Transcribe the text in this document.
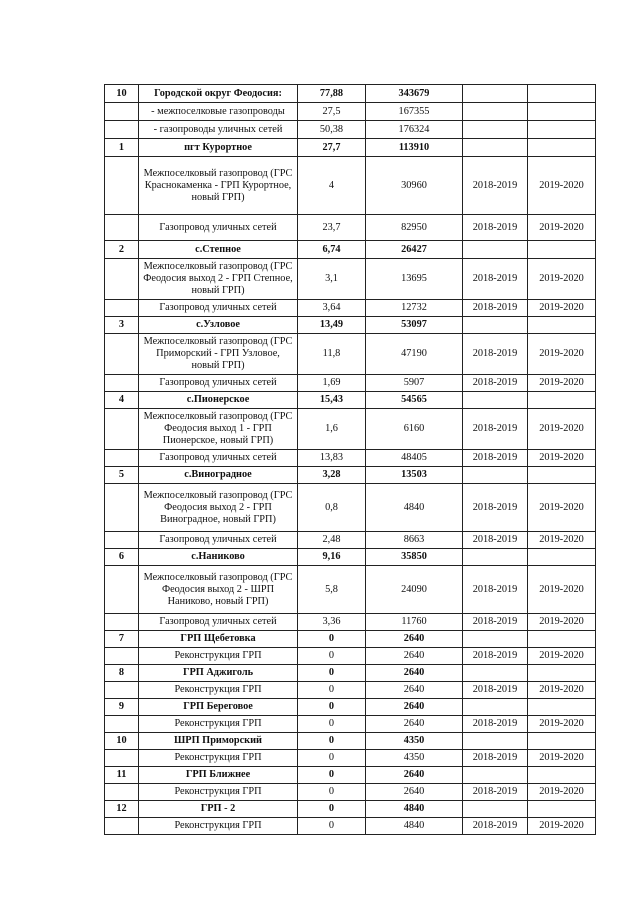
10	Городской округ Феодосия:	77,88	343679		
	- межпоселковые газопроводы	27,5	167355		
	- газопроводы уличных сетей	50,38	176324		
1	пгт Курортное	27,7	113910		
	Межпоселковый газопровод (ГРС Краснокаменка - ГРП Курортное, новый ГРП)	4	30960	2018-2019	2019-2020
	Газопровод уличных сетей	23,7	82950	2018-2019	2019-2020
2	с.Степное	6,74	26427		
	Межпоселковый газопровод (ГРС Феодосия выход 2 - ГРП Степное, новый ГРП)	3,1	13695	2018-2019	2019-2020
	Газопровод уличных сетей	3,64	12732	2018-2019	2019-2020
3	с.Узловое	13,49	53097		
	Межпоселковый газопровод (ГРС Приморский - ГРП Узловое, новый ГРП)	11,8	47190	2018-2019	2019-2020
	Газопровод уличных сетей	1,69	5907	2018-2019	2019-2020
4	с.Пионерское	15,43	54565		
	Межпоселковый газопровод (ГРС Феодосия выход 1 - ГРП Пионерское, новый ГРП)	1,6	6160	2018-2019	2019-2020
	Газопровод уличных сетей	13,83	48405	2018-2019	2019-2020
5	с.Виноградное	3,28	13503		
	Межпоселковый газопровод (ГРС Феодосия выход 2 - ГРП Виноградное, новый ГРП)	0,8	4840	2018-2019	2019-2020
	Газопровод уличных сетей	2,48	8663	2018-2019	2019-2020
6	с.Наниково	9,16	35850		
	Межпоселковый газопровод (ГРС Феодосия выход 2 - ШРП Наниково, новый ГРП)	5,8	24090	2018-2019	2019-2020
	Газопровод уличных сетей	3,36	11760	2018-2019	2019-2020
7	ГРП Щебетовка	0	2640		
	Реконструкция ГРП	0	2640	2018-2019	2019-2020
8	ГРП Аджиголь	0	2640		
	Реконструкция ГРП	0	2640	2018-2019	2019-2020
9	ГРП Береговое	0	2640		
	Реконструкция ГРП	0	2640	2018-2019	2019-2020
10	ШРП Приморский	0	4350		
	Реконструкция ГРП	0	4350	2018-2019	2019-2020
11	ГРП Ближнее	0	2640		
	Реконструкция ГРП	0	2640	2018-2019	2019-2020
12	ГРП - 2	0	4840		
	Реконструкция ГРП	0	4840	2018-2019	2019-2020
